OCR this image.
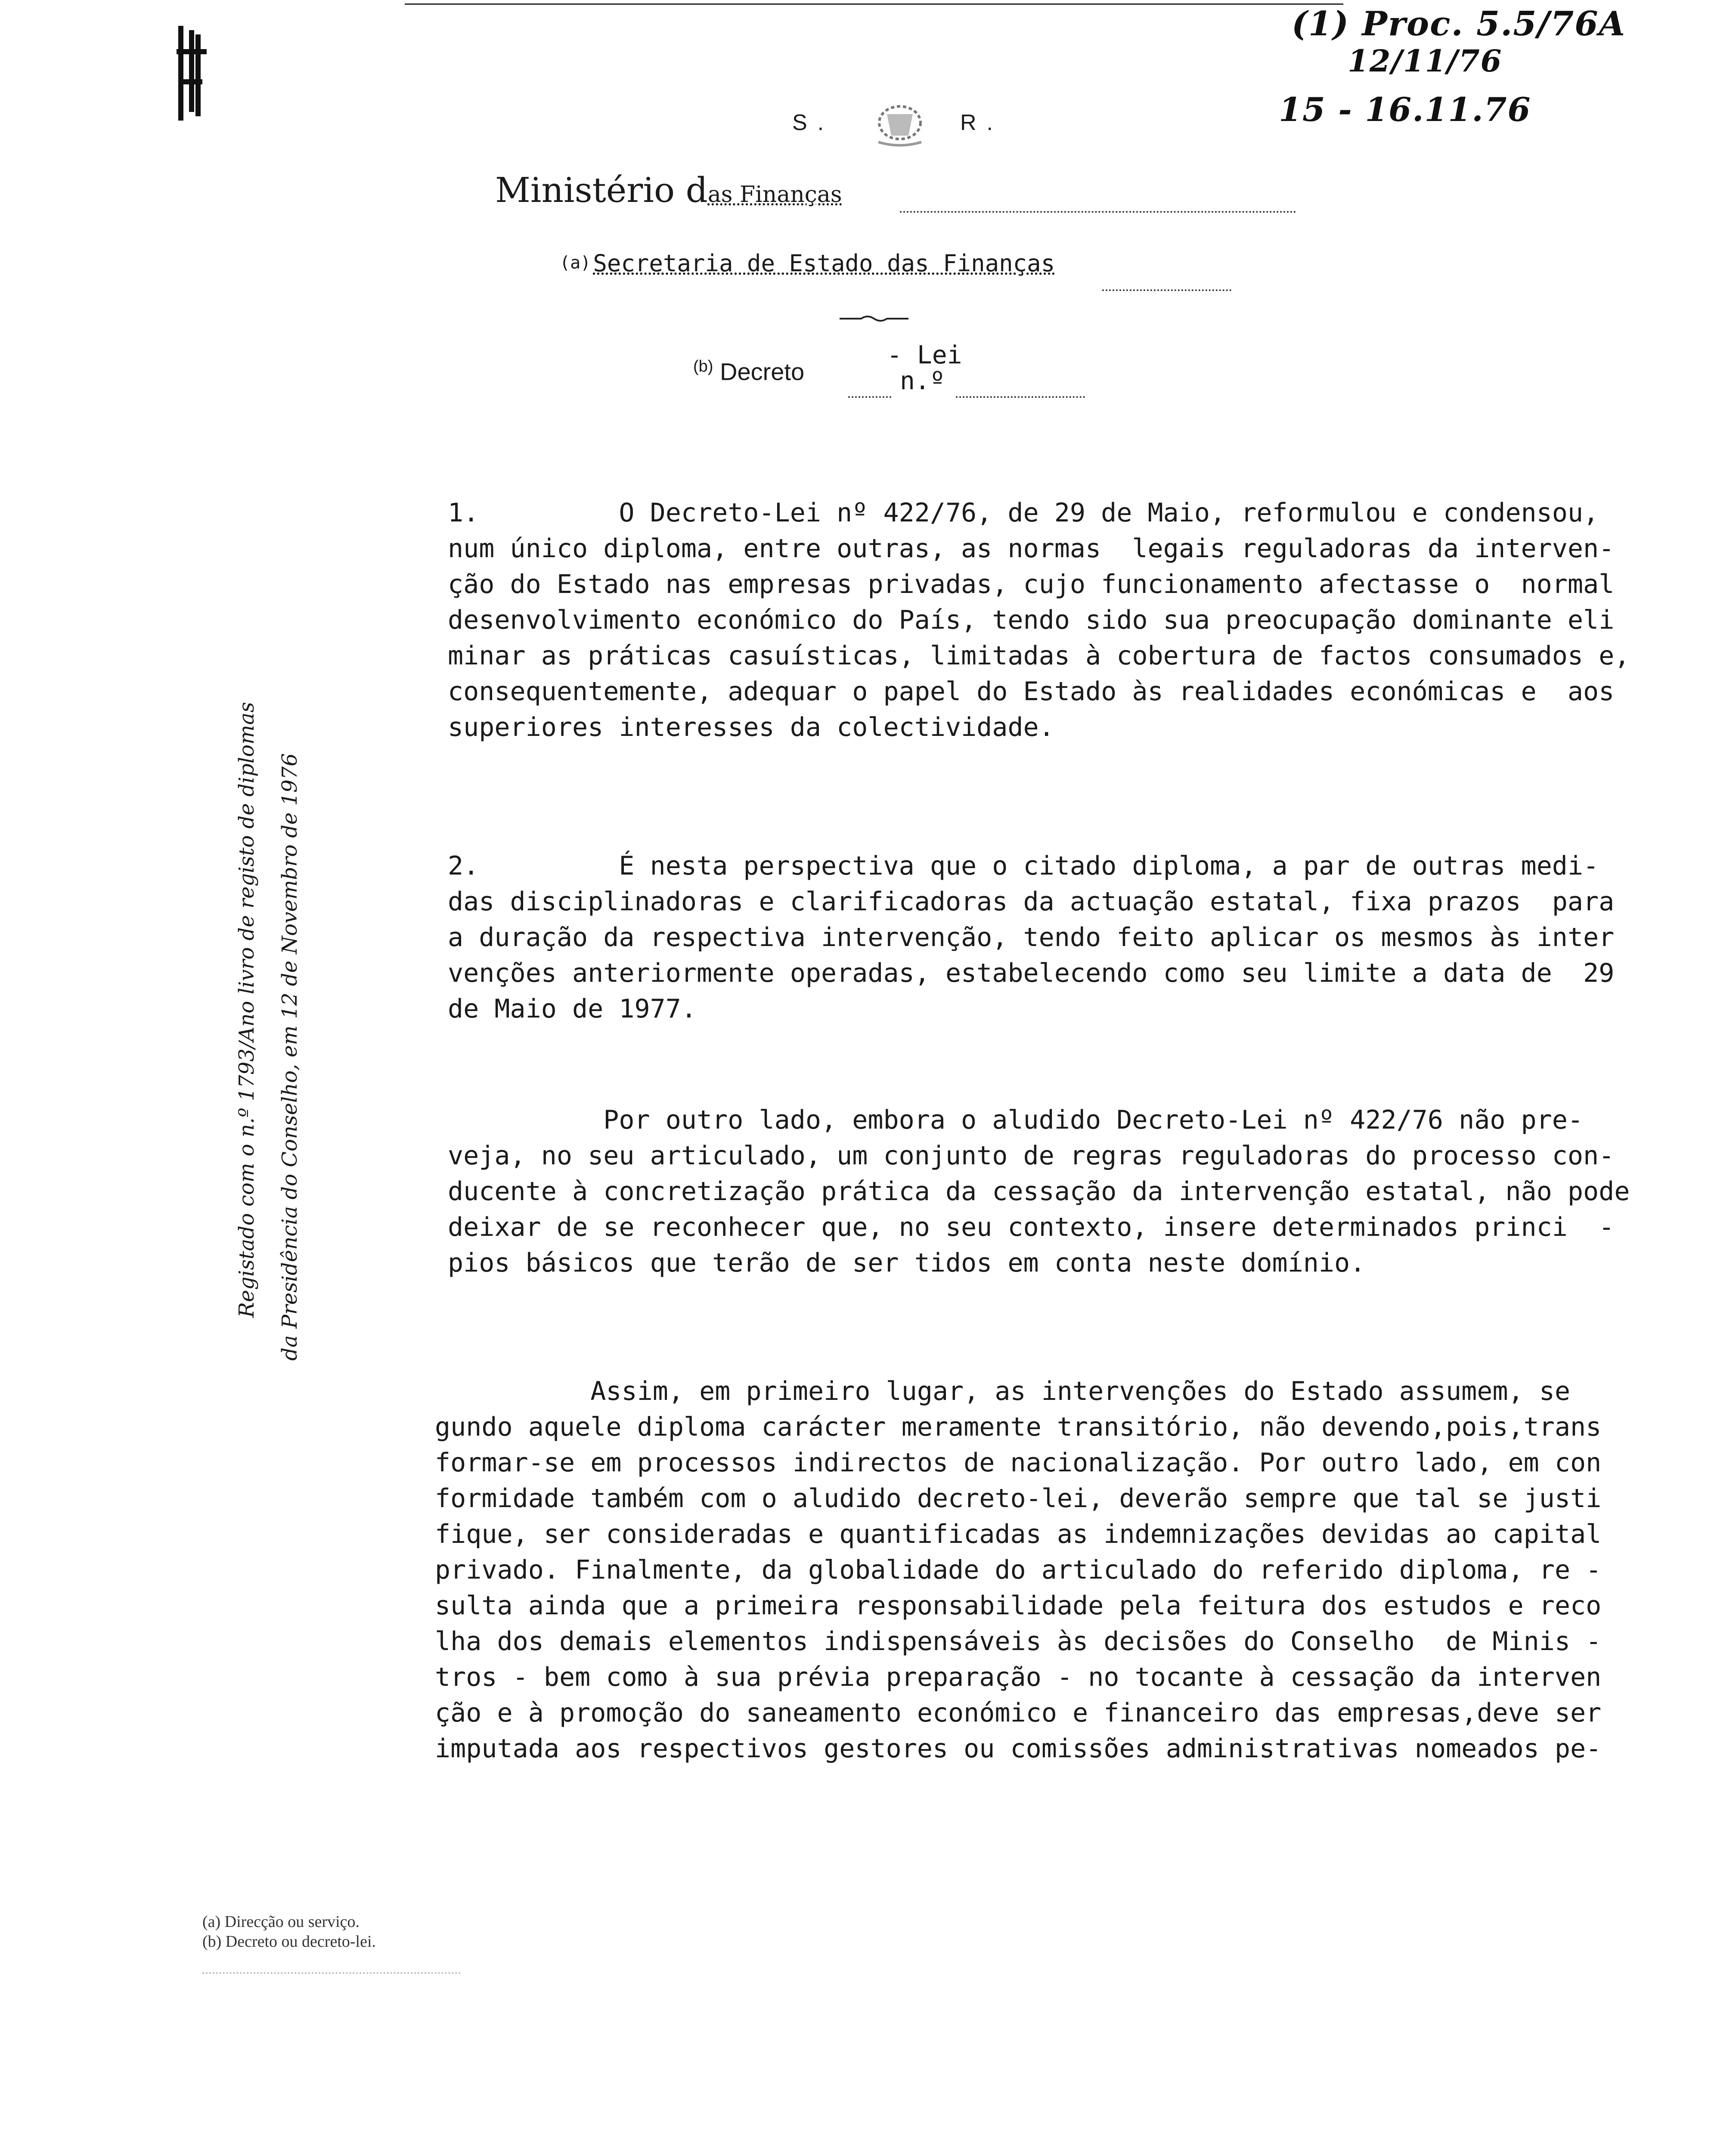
(1) Proc. 5.5/76A
12/11/76
15 - 16.11.76
S.	R.
Ministério das Finanças
(a) Secretaria de Estado das Finanças
$^{(b)}$ Decreto
- Lei
n.º
Registado com o n.º 1793/Ano livro de registo de diplomas da Presidência do Conselho, em 12 de Novembro de 1976

1.         O Decreto-Lei nº 422/76, de 29 de Maio, reformulou e condensou,

num único diploma, entre outras, as normas  legais reguladoras da interven-

ção do Estado nas empresas privadas, cujo funcionamento afectasse o  normal

desenvolvimento económico do País, tendo sido sua preocupação dominante eli

minar as práticas casuísticas, limitadas à cobertura de factos consumados e,

consequentemente, adequar o papel do Estado às realidades económicas e  aos

superiores interesses da colectividade.

2.         É nesta perspectiva que o citado diploma, a par de outras medi-

das disciplinadoras e clarificadoras da actuação estatal, fixa prazos  para

a duração da respectiva intervenção, tendo feito aplicar os mesmos às inter

venções anteriormente operadas, estabelecendo como seu limite a data de  29

de Maio de 1977.

Por outro lado, embora o aludido Decreto-Lei nº 422/76 não pre-

veja, no seu articulado, um conjunto de regras reguladoras do processo con-

ducente à concretização prática da cessação da intervenção estatal, não pode

deixar de se reconhecer que, no seu contexto, insere determinados princi  -

pios básicos que terão de ser tidos em conta neste domínio.

Assim, em primeiro lugar, as intervenções do Estado assumem, se

gundo aquele diploma carácter meramente transitório, não devendo,pois,trans

formar-se em processos indirectos de nacionalização. Por outro lado, em con

formidade também com o aludido decreto-lei, deverão sempre que tal se justi

fique, ser consideradas e quantificadas as indemnizações devidas ao capital

privado. Finalmente, da globalidade do articulado do referido diploma, re -

sulta ainda que a primeira responsabilidade pela feitura dos estudos e reco

lha dos demais elementos indispensáveis às decisões do Conselho  de Minis -

tros - bem como à sua prévia preparação - no tocante à cessação da interven

ção e à promoção do saneamento económico e financeiro das empresas,deve ser

imputada aos respectivos gestores ou comissões administrativas nomeados pe-

(a) Direcção ou serviço.
(b) Decreto ou decreto-lei.
